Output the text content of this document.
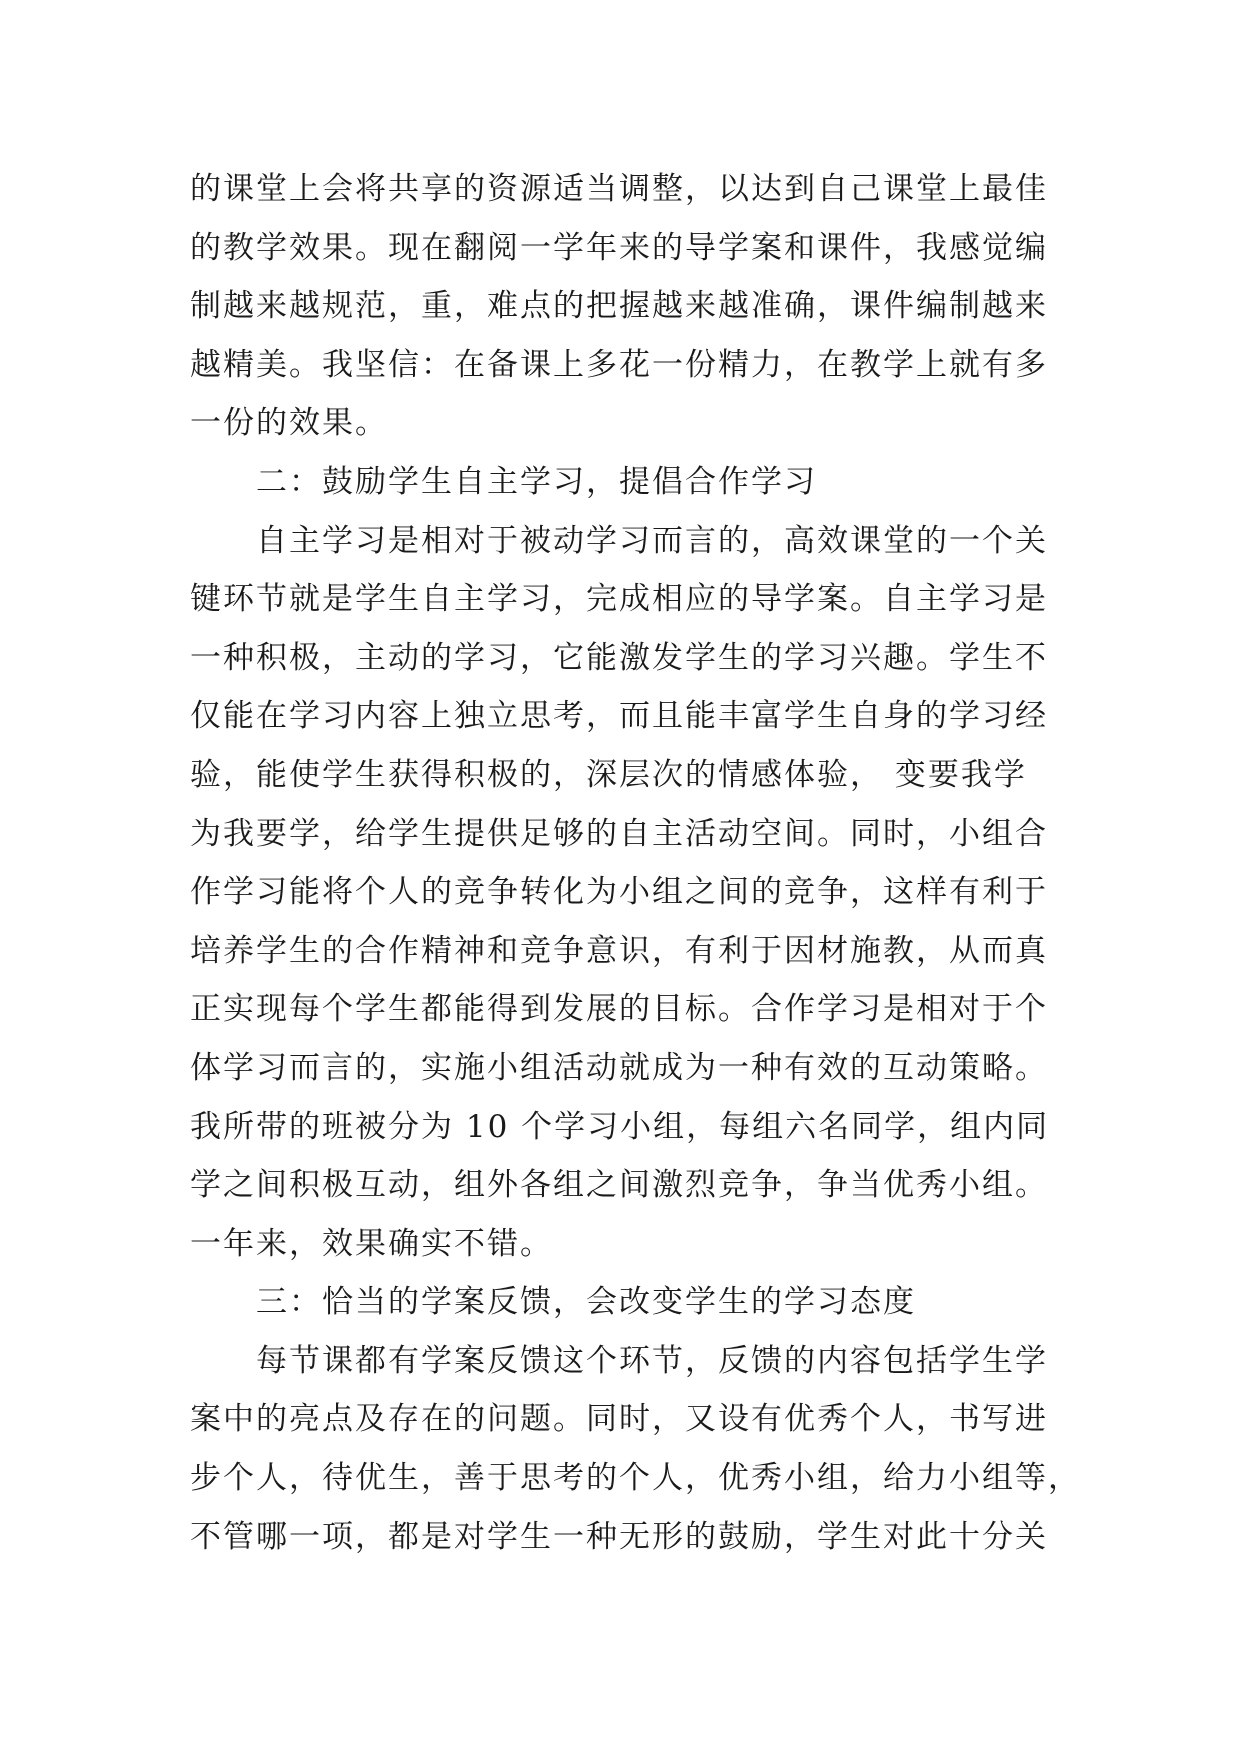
的课堂上会将共享的资源适当调整，以达到自己课堂上最佳
的教学效果。现在翻阅一学年来的导学案和课件，我感觉编
制越来越规范，重，难点的把握越来越准确，课件编制越来
越精美。我坚信：在备课上多花一份精力，在教学上就有多
一份的效果。
二：鼓励学生自主学习，提倡合作学习
自主学习是相对于被动学习而言的，高效课堂的一个关
键环节就是学生自主学习，完成相应的导学案。自主学习是
一种积极，主动的学习，它能激发学生的学习兴趣。学生不
仅能在学习内容上独立思考，而且能丰富学生自身的学习经
验，能使学生获得积极的，深层次的情感体验， 变要我学
为我要学，给学生提供足够的自主活动空间。同时，小组合
作学习能将个人的竞争转化为小组之间的竞争，这样有利于
培养学生的合作精神和竞争意识，有利于因材施教，从而真
正实现每个学生都能得到发展的目标。合作学习是相对于个
体学习而言的，实施小组活动就成为一种有效的互动策略。
我所带的班被分为 10 个学习小组，每组六名同学，组内同
学之间积极互动，组外各组之间激烈竞争，争当优秀小组。
一年来，效果确实不错。
三：恰当的学案反馈，会改变学生的学习态度
每节课都有学案反馈这个环节，反馈的内容包括学生学
案中的亮点及存在的问题。同时，又设有优秀个人，书写进
步个人，待优生，善于思考的个人，优秀小组，给力小组等，
不管哪一项，都是对学生一种无形的鼓励，学生对此十分关
